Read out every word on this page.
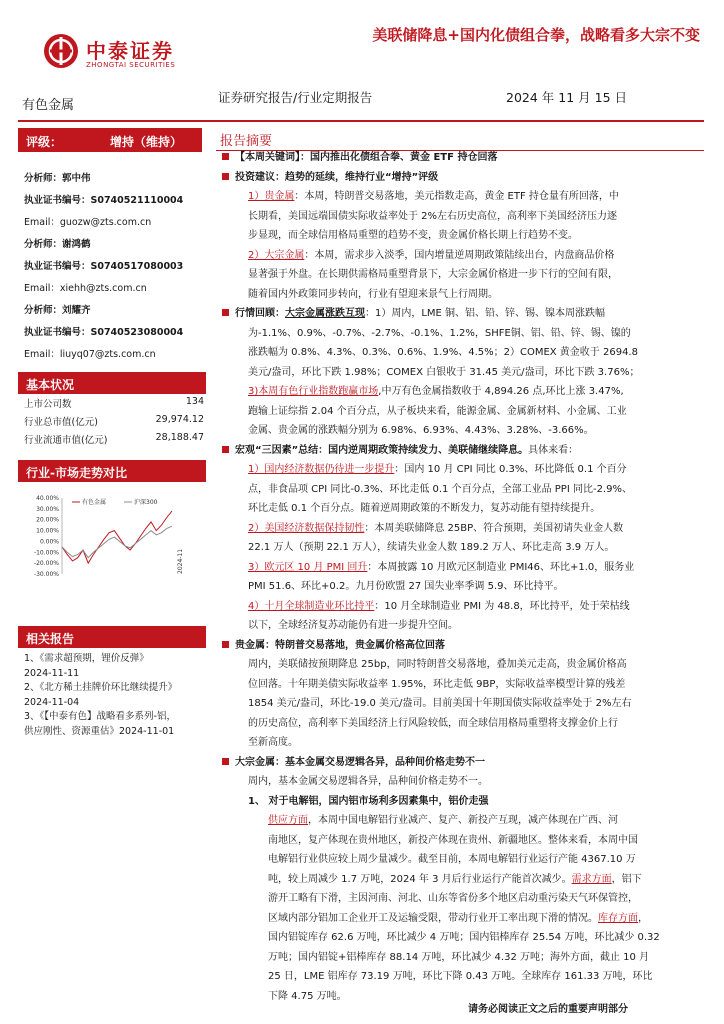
中泰证券
ZHONGTAI SECURITIES
美联储降息+国内化债组合拳，战略看多大宗不变
有色金属
证券研究报告/行业定期报告	2024 年 11 月 15 日
评级：	增持（维持）
分析师：郭中伟
执业证书编号：S0740521110004
Email：guozw@zts.com.cn
分析师：谢鸿鹤
执业证书编号：S0740517080003
Email：xiehh@zts.com.cn
分析师：刘耀齐
执业证书编号：S0740523080004
Email：liuyq07@zts.com.cn
基本状况
上市公司数	134
行业总市值(亿元)	29,974.12
行业流通市值(亿元)	28,188.47
行业-市场走势对比
40.00%
30.00%
20.00%
10.00%
0.00%
-10.00%
-20.00%
-30.00%
有色金属	沪深300
2024-11
相关报告
1、《需求超预期，锂价反弹》
2024-11-11
2、《北方稀土挂牌价环比继续提升》
2024-11-04
3、《【中泰有色】战略看多系列-铝，
供应刚性、资源重估》2024-11-01
报告摘要
【本周关键词】：国内推出化债组合拳、黄金 ETF 持仓回落
投资建议：趋势的延续，维持行业“增持”评级
1）贵金属：本周，特朗普交易落地，美元指数走高，黄金 ETF 持仓量有所回落，中
长期看，美国远端国债实际收益率处于 2%左右历史高位，高利率下美国经济压力逐
步显现，而全球信用格局重塑的趋势不变，贵金属价格长期上行趋势不变。
2）大宗金属：本周，需求步入淡季，国内增量逆周期政策陆续出台，内盘商品价格
显著强于外盘。在长期供需格局重塑背景下，大宗金属价格进一步下行的空间有限，
随着国内外政策同步转向，行业有望迎来景气上行周期。
行情回顾：大宗金属涨跌互现：1）周内，LME 铜、铝、铅、锌、锡、镍本周涨跌幅
为-1.1%、0.9%、-0.7%、-2.7%、-0.1%、1.2%，SHFE铜、铝、铅、锌、锡、镍的
涨跌幅为 0.8%、4.3%、0.3%、0.6%、1.9%、4.5%；2）COMEX 黄金收于 2694.8
美元/盎司，环比下跌 1.98%；COMEX 白银收于 31.45 美元/盎司，环比下跌 3.76%；
3)本周有色行业指数跑赢市场,中万有色金属指数收于 4,894.26 点,环比上涨 3.47%,
跑输上证综指 2.04 个百分点，从子板块来看，能源金属、金属新材料、小金属、工业
金属、贵金属的涨跌幅分别为 6.98%、6.93%、4.43%、3.28%、-3.66%。
宏观“三因素”总结：国内逆周期政策持续发力、美联储继续降息。具体来看：
1）国内经济数据仍待进一步提升：国内 10 月 CPI 同比 0.3%、环比降低 0.1 个百分
点，非食品项 CPI 同比-0.3%、环比走低 0.1 个百分点，全部工业品 PPI 同比-2.9%、
环比走低 0.1 个百分点。随着逆周期政策的不断发力，复苏动能有望持续提升。
2）美国经济数据保持韧性：本周美联储降息 25BP、符合预期，美国初请失业金人数
22.1 万人（预期 22.1 万人），续请失业金人数 189.2 万人、环比走高 3.9 万人。
3）欧元区 10 月 PMI 回升：本周披露 10 月欧元区制造业 PMI46、环比+1.0，服务业
PMI 51.6、环比+0.2。九月份欧盟 27 国失业率季调 5.9、环比持平。
4）十月全球制造业环比持平：10 月全球制造业 PMI 为 48.8，环比持平，处于荣枯线
以下，全球经济复苏动能仍有进一步提升空间。
贵金属：特朗普交易落地，贵金属价格高位回落
周内，美联储按预期降息 25bp，同时特朗普交易落地，叠加美元走高，贵金属价格高
位回落。十年期美债实际收益率 1.95%，环比走低 9BP，实际收益率模型计算的残差
1854 美元/盎司，环比-19.0 美元/盎司。目前美国十年期国债实际收益率处于 2%左右
的历史高位，高利率下美国经济上行风险较低，而全球信用格局重塑将支撑金价上行
至新高度。
大宗金属：基本金属交易逻辑各异，品种间价格走势不一
周内，基本金属交易逻辑各异，品种间价格走势不一。
1、 对于电解铝，国内铝市场利多因素集中，铝价走强
供应方面，本周中国电解铝行业减产、复产、新投产互现，减产体现在广西、河
南地区，复产体现在贵州地区，新投产体现在贵州、新疆地区。整体来看，本周中国
电解铝行业供应较上周少量减少。截至目前，本周电解铝行业运行产能 4367.10 万
吨，较上周减少 1.7 万吨，2024 年 3 月后行业运行产能首次减少。需求方面，铝下
游开工略有下滑，主因河南、河北、山东等省份多个地区启动重污染天气环保管控，
区域内部分铝加工企业开工及运输受限，带动行业开工率出现下滑的情况。库存方面，
国内铝锭库存 62.6 万吨，环比减少 4 万吨；国内铝棒库存 25.54 万吨，环比减少 0.32
万吨；国内铝锭+铝棒库存 88.14 万吨，环比减少 4.32 万吨；海外方面，截止 10 月
25 日，LME 铝库存 73.19 万吨，环比下降 0.43 万吨。全球库存 161.33 万吨，环比
下降 4.75 万吨。
请务必阅读正文之后的重要声明部分
